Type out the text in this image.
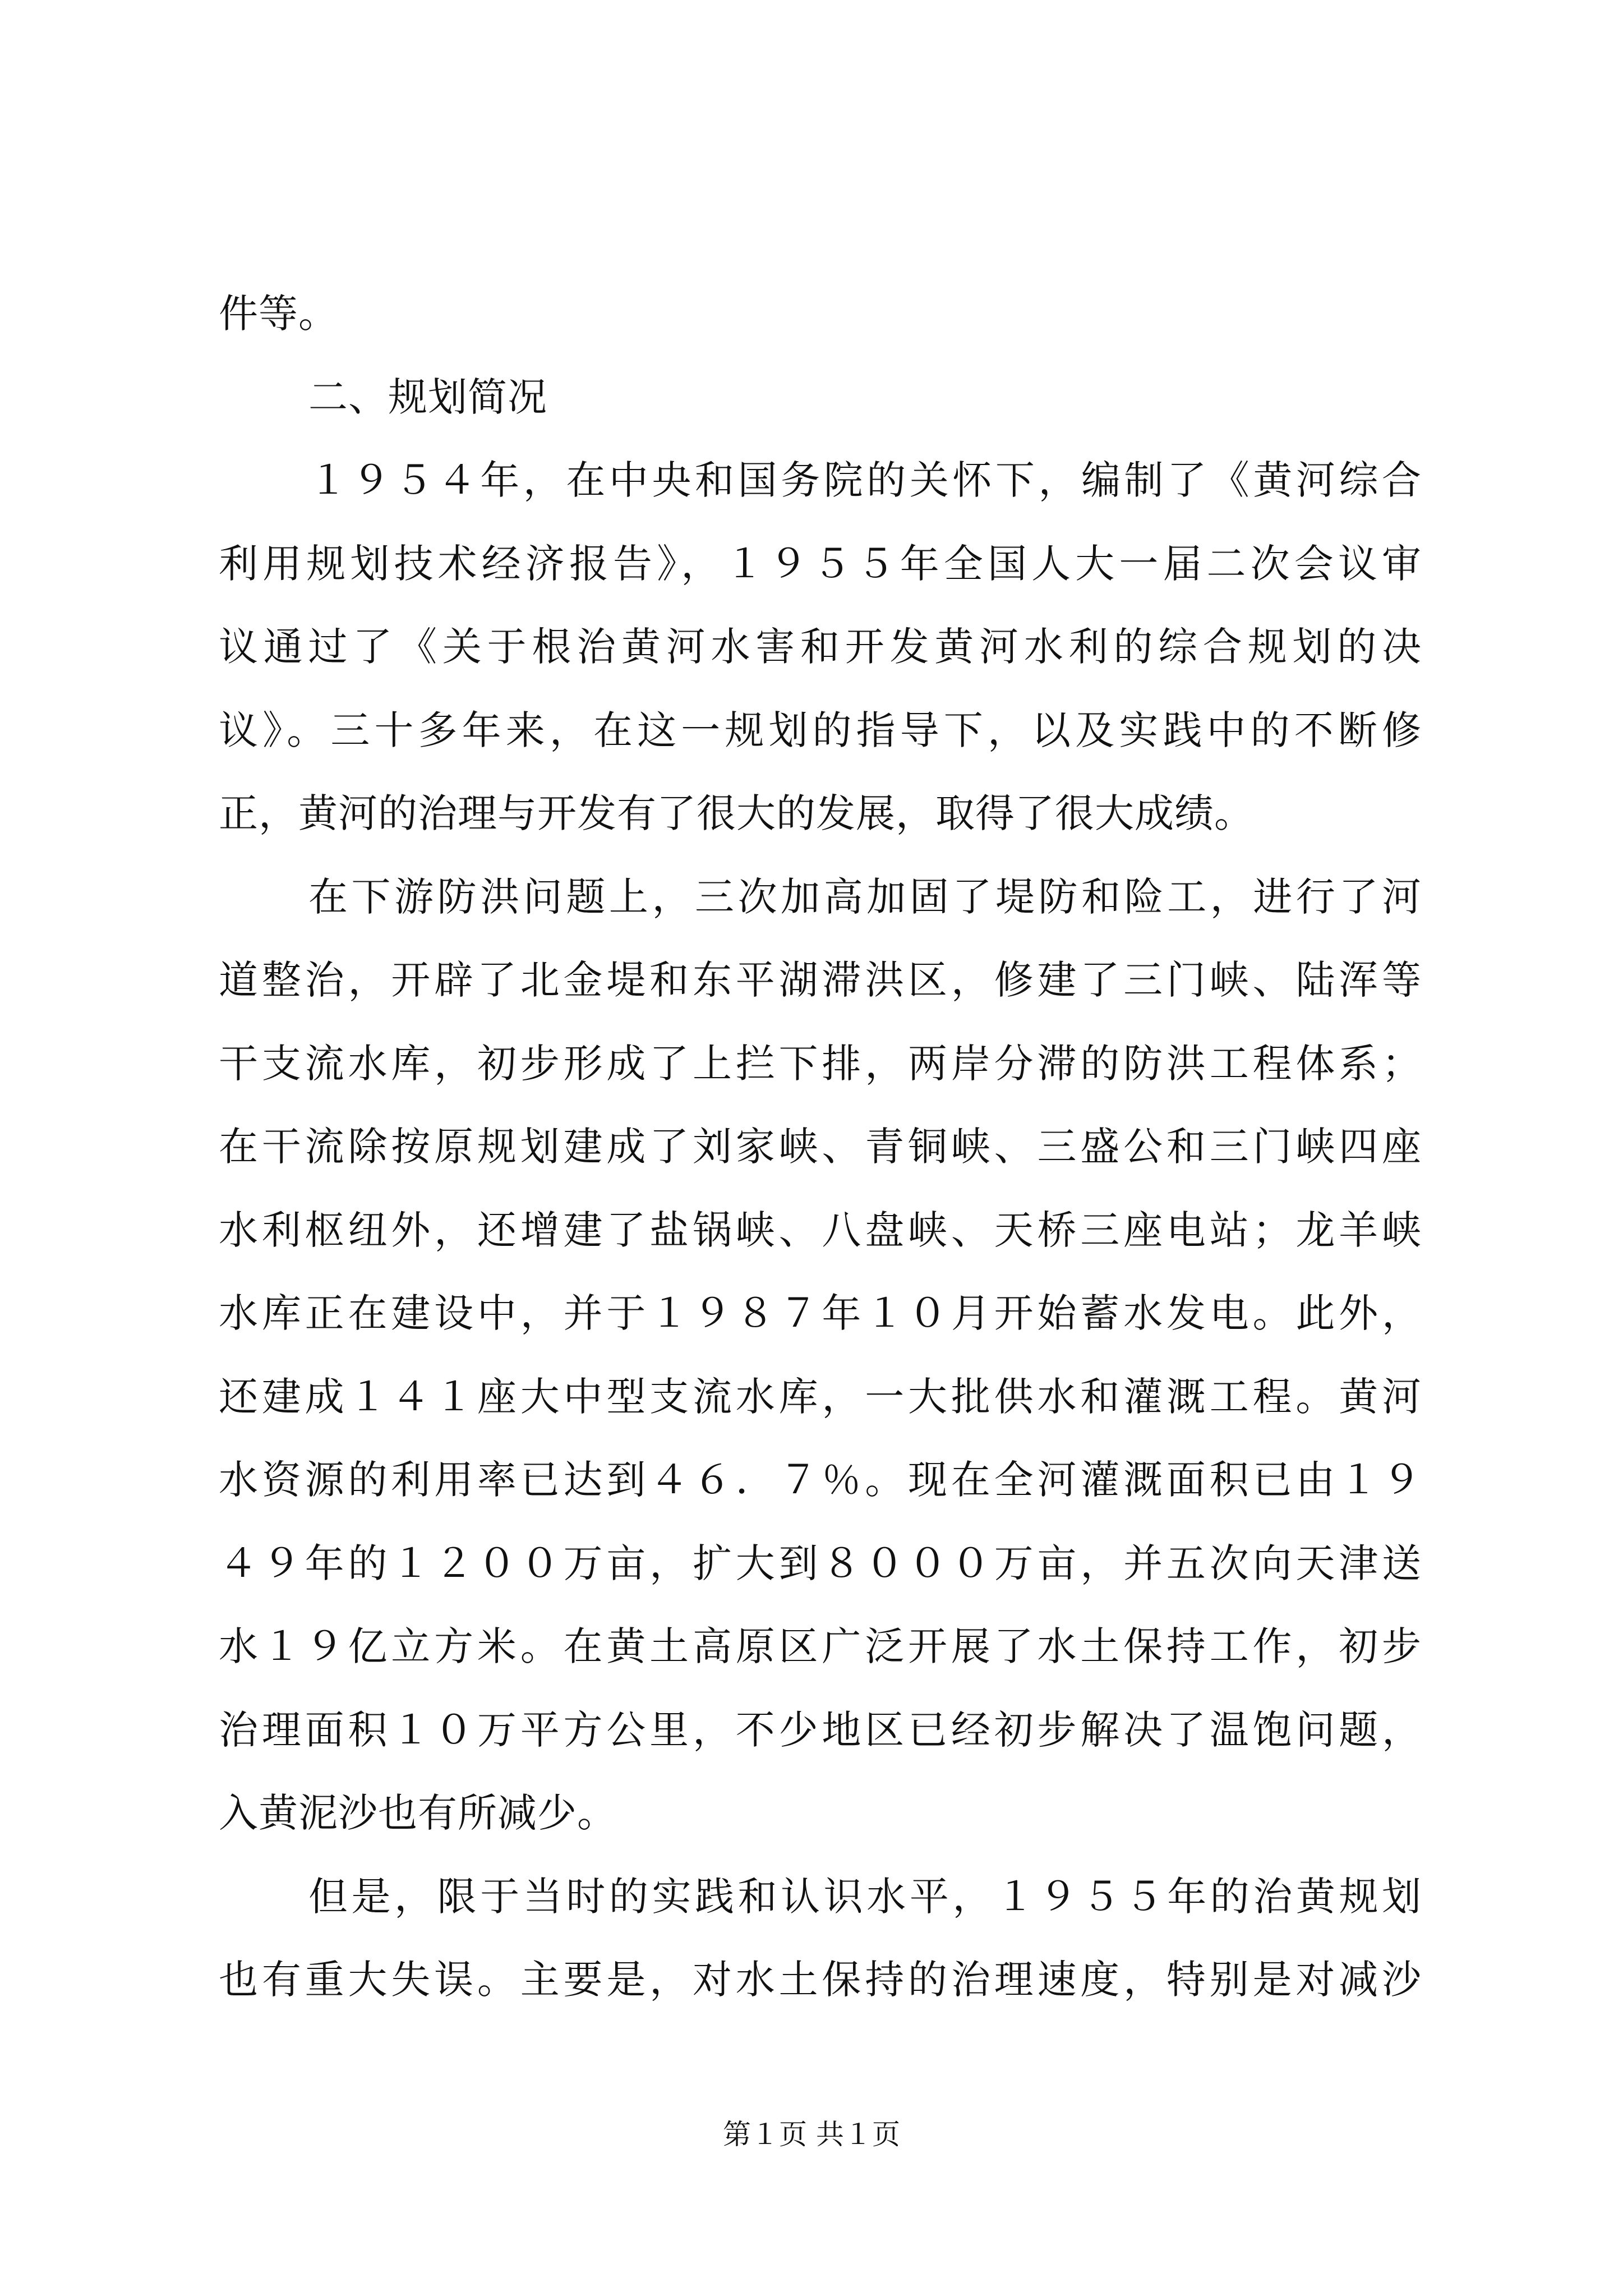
件等。
二、规划简况
１９５４年，在中央和国务院的关怀下，编制了《黄河综合
利用规划技术经济报告》，１９５５年全国人大一届二次会议审
议通过了《关于根治黄河水害和开发黄河水利的综合规划的决
议》。三十多年来，在这一规划的指导下，以及实践中的不断修
正，黄河的治理与开发有了很大的发展，取得了很大成绩。
在下游防洪问题上，三次加高加固了堤防和险工，进行了河
道整治，开辟了北金堤和东平湖滞洪区，修建了三门峡、陆浑等
干支流水库，初步形成了上拦下排，两岸分滞的防洪工程体系；
在干流除按原规划建成了刘家峡、青铜峡、三盛公和三门峡四座
水利枢纽外，还增建了盐锅峡、八盘峡、天桥三座电站；龙羊峡
水库正在建设中，并于１９８７年１０月开始蓄水发电。此外，
还建成１４１座大中型支流水库，一大批供水和灌溉工程。黄河
水资源的利用率已达到４６．７％。现在全河灌溉面积已由１９
４９年的１２００万亩，扩大到８０００万亩，并五次向天津送
水１９亿立方米。在黄土高原区广泛开展了水土保持工作，初步
治理面积１０万平方公里，不少地区已经初步解决了温饱问题，
入黄泥沙也有所减少。
但是，限于当时的实践和认识水平，１９５５年的治黄规划
也有重大失误。主要是，对水土保持的治理速度，特别是对减沙
第１页 共１页
